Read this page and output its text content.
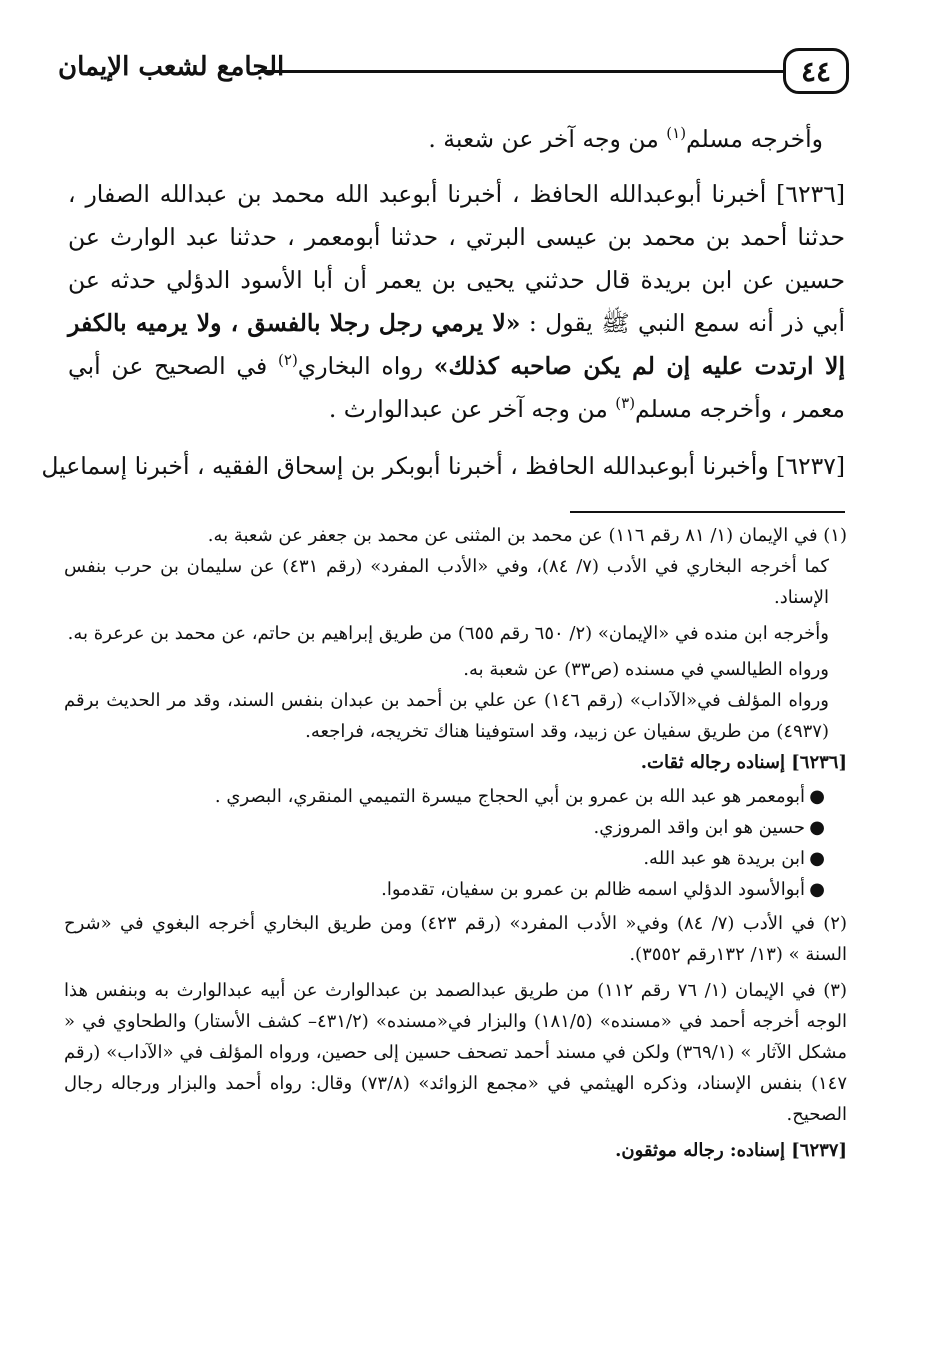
٤٤
الجامع لشعب الإيمان

وأخرجه مسلم$^{(١)}$ من وجه آخر عن شعبة .

[٦٢٣٦] أخبرنا أبوعبدالله الحافظ ، أخبرنا أبوعبد الله محمد بن عبدالله الصفار ، حدثنا أحمد بن محمد بن عيسى البرتي ، حدثنا أبومعمر ، حدثنا عبد الوارث عن حسين عن ابن بريدة قال حدثني يحيى بن يعمر أن أبا الأسود الدؤلي حدثه عن أبي ذر أنه سمع النبي ﷺ يقول : «لا يرمي رجل رجلا بالفسق ، ولا يرميه بالكفر إلا ارتدت عليه إن لم يكن صاحبه كذلك» رواه البخاري$^{(٢)}$ في الصحيح عن أبي معمر ، وأخرجه مسلم$^{(٣)}$ من وجه آخر عن عبدالوارث .

[٦٢٣٧] وأخبرنا أبوعبدالله الحافظ ، أخبرنا أبوبكر بن إسحاق الفقيه ، أخبرنا إسماعيل

(١) في الإيمان (١/ ٨١ رقم ١١٦) عن محمد بن المثنى عن محمد بن جعفر عن شعبة به.

كما أخرجه البخاري في الأدب (٧/ ٨٤)، وفي «الأدب المفرد» (رقم ٤٣١) عن سليمان بن حرب بنفس الإسناد.

وأخرجه ابن منده في «الإيمان» (٢/ ٦٥٠ رقم ٦٥٥) من طريق إبراهيم بن حاتم، عن محمد بن عرعرة به.

ورواه الطيالسي في مسنده (ص٣٣) عن شعبة به.

ورواه المؤلف في«الآداب» (رقم ١٤٦) عن علي بن أحمد بن عبدان بنفس السند، وقد مر الحديث برقم (٤٩٣٧) من طريق سفيان عن زبيد، وقد استوفينا هناك تخريجه، فراجعه.

[٦٢٣٦] إسناده رجاله ثقات.

●
أبومعمر هو عبد الله بن عمرو بن أبي الحجاج ميسرة التميمي المنقري، البصري .
●
حسين هو ابن واقد المروزي.
●
ابن بريدة هو عبد الله.
●
أبوالأسود الدؤلي اسمه ظالم بن عمرو بن سفيان، تقدموا.

(٢) في الأدب (٧/ ٨٤) وفي« الأدب المفرد» (رقم ٤٢٣) ومن طريق البخاري أخرجه البغوي في «شرح السنة » (١٣/ ١٣٢رقم ٣٥٥٢).

(٣) في الإيمان (١/ ٧٦ رقم ١١٢) من طريق عبدالصمد بن عبدالوارث عن أبيه عبدالوارث به وبنفس هذا الوجه أخرجه أحمد في «مسنده» (١٨١/٥) والبزار في«مسنده» (٤٣١/٢– كشف الأستار) والطحاوي في « مشكل الآثار » (٣٦٩/١) ولكن في مسند أحمد تصحف حسين إلى حصين، ورواه المؤلف في «الآداب» (رقم ١٤٧) بنفس الإسناد، وذكره الهيثمي في «مجمع الزوائد» (٧٣/٨) وقال: رواه أحمد والبزار ورجاله رجال الصحيح.

[٦٢٣٧] إسناده: رجاله موثقون.
